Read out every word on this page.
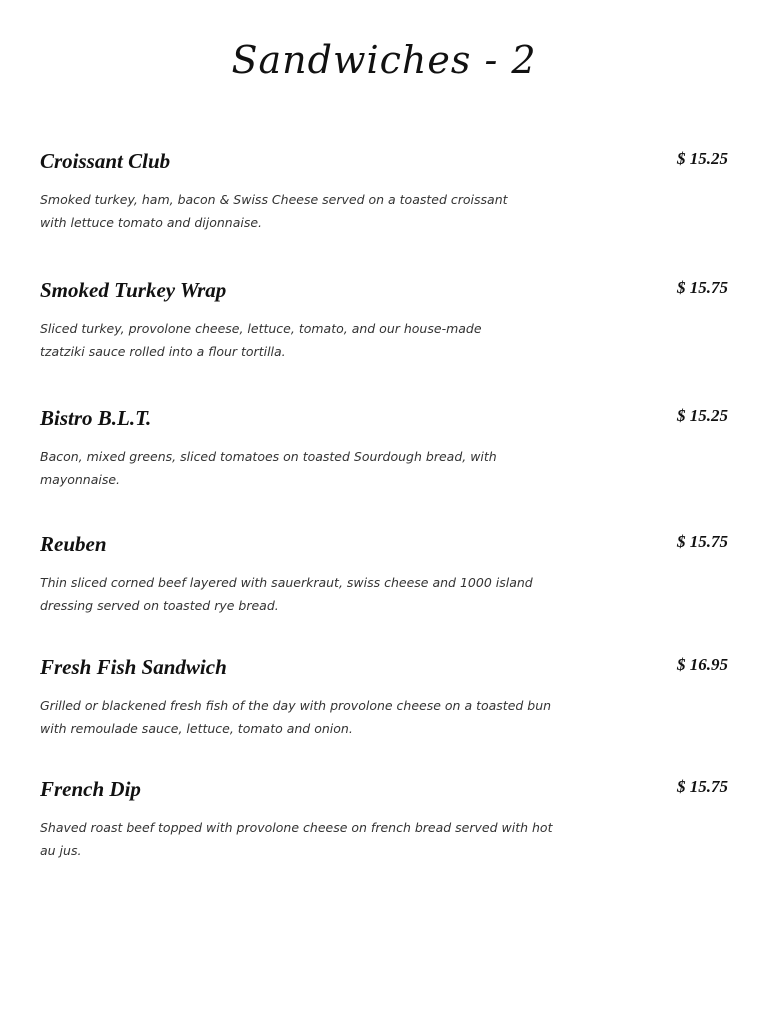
Sandwiches - 2
Croissant Club	$ 15.25
Smoked turkey, ham, bacon & Swiss Cheese served on a toasted croissant
with lettuce tomato and dijonnaise.
Smoked Turkey Wrap	$ 15.75
Sliced turkey, provolone cheese, lettuce, tomato, and our house-made
tzatziki sauce rolled into a flour tortilla.
Bistro B.L.T.	$ 15.25
Bacon, mixed greens, sliced tomatoes on toasted Sourdough bread, with
mayonnaise.
Reuben	$ 15.75
Thin sliced corned beef layered with sauerkraut, swiss cheese and 1000 island
dressing served on toasted rye bread.
Fresh Fish Sandwich	$ 16.95
Grilled or blackened fresh fish of the day with provolone cheese on a toasted bun
with remoulade sauce, lettuce, tomato and onion.
French Dip	$ 15.75
Shaved roast beef topped with provolone cheese on french bread served with hot
au jus.
